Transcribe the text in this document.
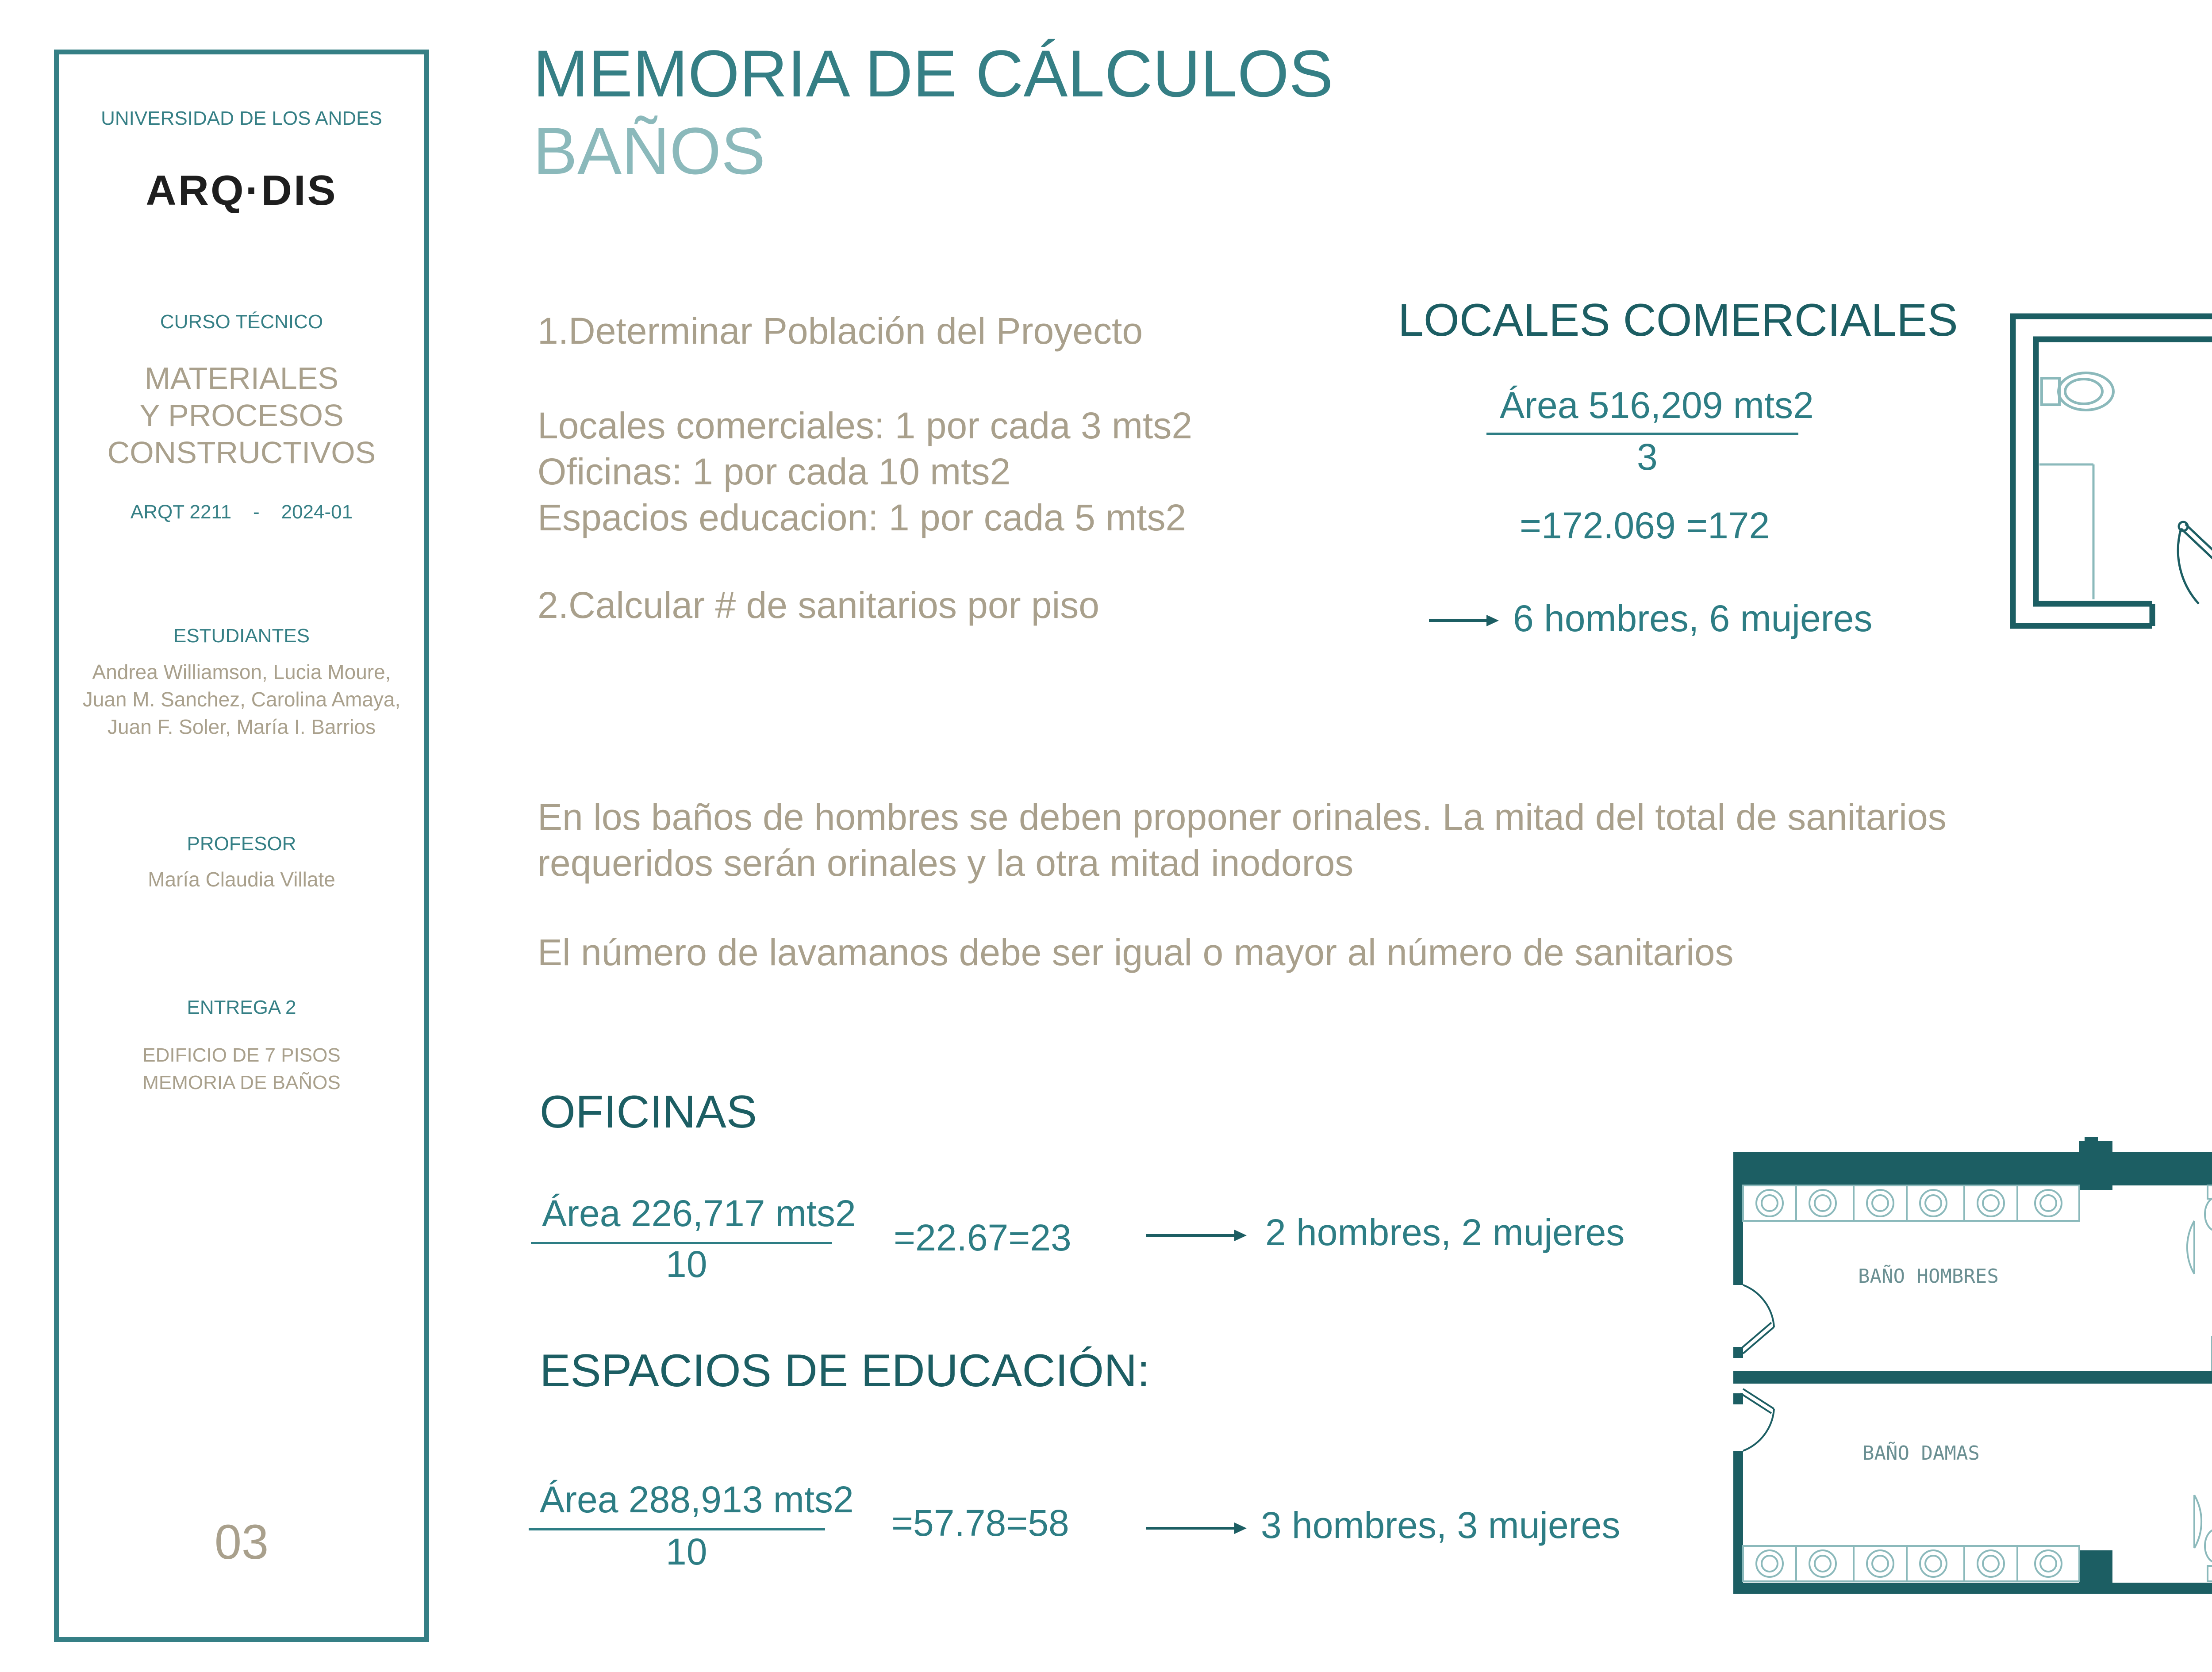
UNIVERSIDAD DE LOS ANDES
ARQ·DIS
CURSO TÉCNICO
MATERIALES
Y PROCESOS
CONSTRUCTIVOS
ARQT 2211    -    2024-01
ESTUDIANTES
Andrea Williamson, Lucia Moure,
Juan M. Sanchez, Carolina Amaya,
Juan F. Soler, María I. Barrios
PROFESOR
María Claudia Villate
ENTREGA 2
EDIFICIO DE 7 PISOS
MEMORIA DE BAÑOS
03
MEMORIA DE CÁLCULOS
BAÑOS
1.Determinar Población del Proyecto
Locales comerciales: 1 por cada 3 mts2
Oficinas: 1 por cada 10 mts2
Espacios educacion: 1 por cada 5 mts2
2.Calcular # de sanitarios por piso
LOCALES COMERCIALES
Área 516,209 mts2
3
=172.069 =172
6 hombres, 6 mujeres
En los baños de hombres se deben proponer orinales. La mitad del total de sanitarios
requeridos serán orinales y la otra mitad inodoros
El número de lavamanos debe ser igual o mayor al número de sanitarios
OFICINAS
Área 226,717 mts2
10
=22.67=23	2 hombres, 2 mujeres
ESPACIOS DE EDUCACIÓN:
Área 288,913 mts2
10
=57.78=58	3 hombres, 3 mujeres
BAÑO HOMBRES
BAÑO DAMAS
